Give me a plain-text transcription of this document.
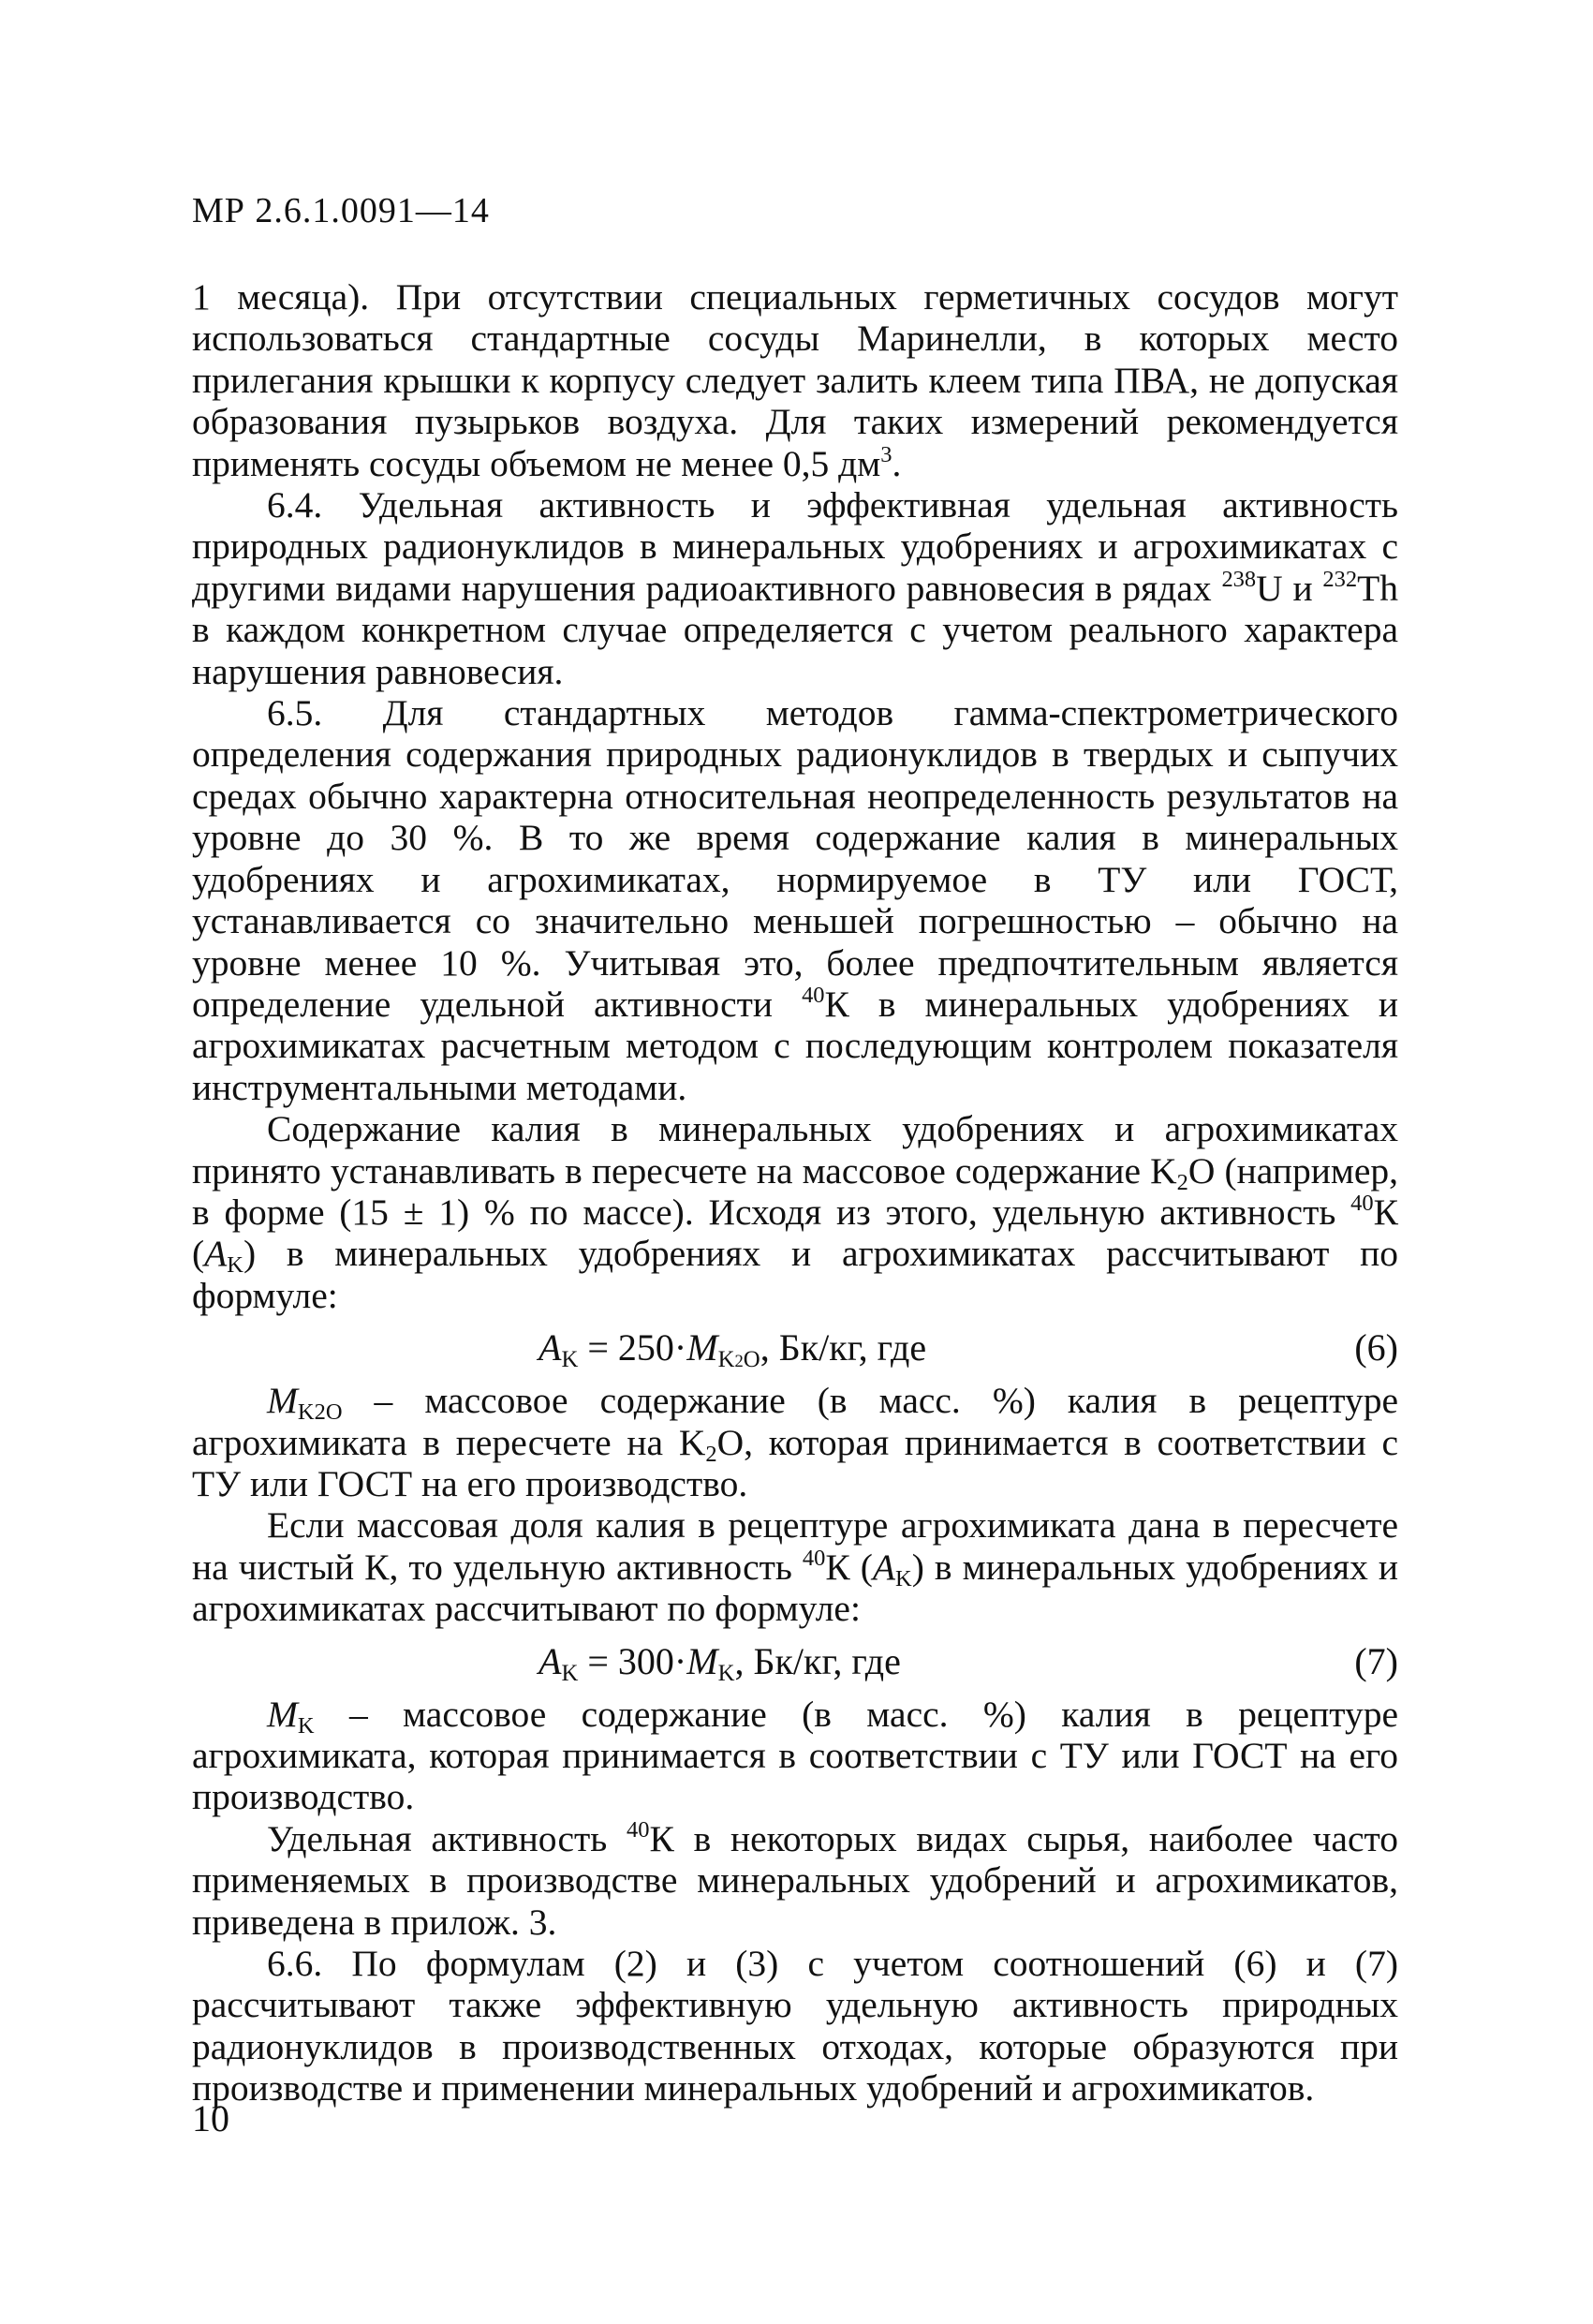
МР 2.6.1.0091—14

1 месяца). При отсутствии специальных герметичных сосудов могут использоваться стандартные сосуды Маринелли, в которых место прилегания крышки к корпусу следует залить клеем типа ПВА, не допуская образования пузырьков воздуха. Для таких измерений рекомендуется применять сосуды объемом не менее 0,5 $дм^3$.

6.4. Удельная активность и эффективная удельная активность природных радионуклидов в минеральных удобрениях и агрохимикатах с другими видами нарушения радиоактивного равновесия в рядах $^{238}$U и $^{232}$Th в каждом конкретном случае определяется с учетом реального характера нарушения равновесия.

6.5. Для стандартных методов гамма-спектрометрического определения содержания природных радионуклидов в твердых и сыпучих средах обычно характерна относительная неопределенность результатов на уровне до 30 %. В то же время содержание калия в минеральных удобрениях и агрохимикатах, нормируемое в ТУ или ГОСТ, устанавливается со значительно меньшей погрешностью – обычно на уровне менее 10 %. Учитывая это, более предпочтительным является определение удельной активности $^{40}$К в минеральных удобрениях и агрохимикатах расчетным методом с последующим контролем показателя инструментальными методами.

Содержание калия в минеральных удобрениях и агрохимикатах принято устанавливать в пересчете на массовое содержание $K_2O$ (например, в форме (15 ± 1) % по массе). Исходя из этого, удельную активность $^{40}$К $(A_K)$ в минеральных удобрениях и агрохимикатах рассчитывают по формуле:

$A_K = 250\cdot M_{K2O}$, Бк/кг, где	(6)

$M_{K2O}$ – массовое содержание (в масс. %) калия в рецептуре агрохимиката в пересчете на $K_2O$, которая принимается в соответствии с ТУ или ГОСТ на его производство.

Если массовая доля калия в рецептуре агрохимиката дана в пересчете на чистый К, то удельную активность $^{40}$К $(A_K)$ в минеральных удобрениях и агрохимикатах рассчитывают по формуле:

$A_K = 300\cdot M_K$, Бк/кг, где	(7)

$M_K$ – массовое содержание (в масс. %) калия в рецептуре агрохимиката, которая принимается в соответствии с ТУ или ГОСТ на его производство.

Удельная активность $^{40}$К в некоторых видах сырья, наиболее часто применяемых в производстве минеральных удобрений и агрохимикатов, приведена в прилож. 3.

6.6. По формулам (2) и (3) с учетом соотношений (6) и (7) рассчитывают также эффективную удельную активность природных радионуклидов в производственных отходах, которые образуются при производстве и применении минеральных удобрений и агрохимикатов.

10
